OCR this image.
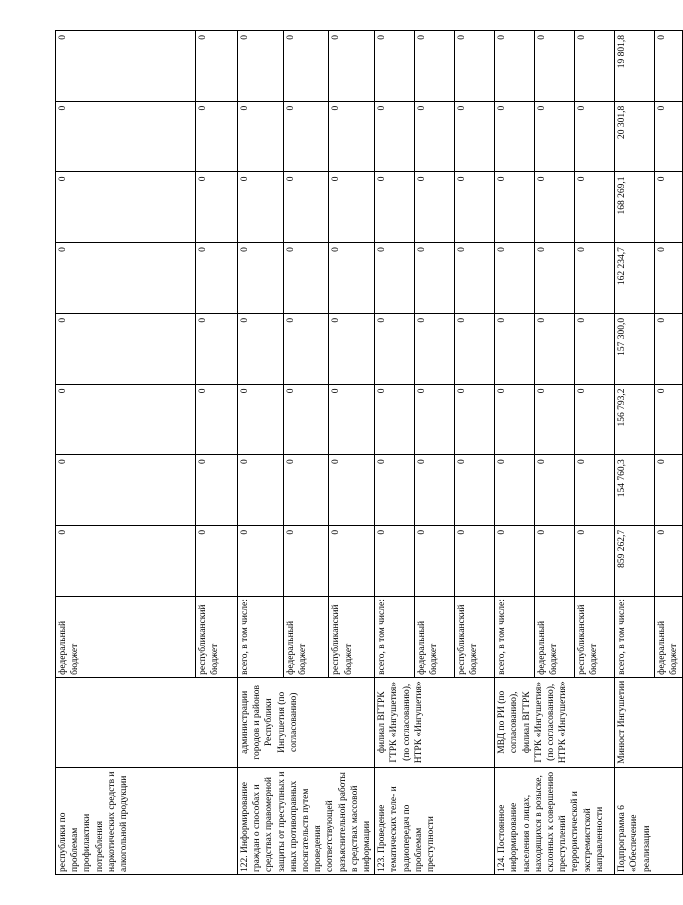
республики по проблемам профилактики потребления наркотических средств и алкогольной продукции		федеральный бюджет	0	0	0	0	0	0	0	0
		республиканский бюджет	0	0	0	0	0	0	0	0
122. Информирование граждан о способах и средствах правомерной защиты от преступных и иных противоправных посягательств путем проведения соответствующей разъяснительной работы в средствах массовой информации	администрации городов и районов Республики Ингушетия (по согласованию)	всего, в том числе:	0	0	0	0	0	0	0	0
		федеральный бюджет	0	0	0	0	0	0	0	0
		республиканский бюджет	0	0	0	0	0	0	0	0
123. Проведение тематических теле- и радиопередач по проблемам преступности	филиал ВГТРК ГТРК «Ингушетия» (по согласованию), НТРК «Ингушетия»	всего, в том числе:	0	0	0	0	0	0	0	0
		федеральный бюджет	0	0	0	0	0	0	0	0
		республиканский бюджет	0	0	0	0	0	0	0	0
124. Постоянное информирование населения о лицах, находящихся в розыске, склонных к совершению преступлений террористической и экстремистской направленности	МВД по РИ (по согласованию), филиал ВГТРК ГТРК «Ингушетия» (по согласованию), НТРК «Ингушетия»	всего, в том числе:	0	0	0	0	0	0	0	0
		федеральный бюджет	0	0	0	0	0	0	0	0
		республиканский бюджет	0	0	0	0	0	0	0	0
Подпрограмма 6 «Обеспечение реализации	Минюст Ингушетии	всего, в том числе:	859 262,7	154 760,3	156 793,2	157 300,0	162 234,7	168 269,1	20 301,8	19 801,8
		федеральный бюджет	0	0	0	0	0	0	0	0
